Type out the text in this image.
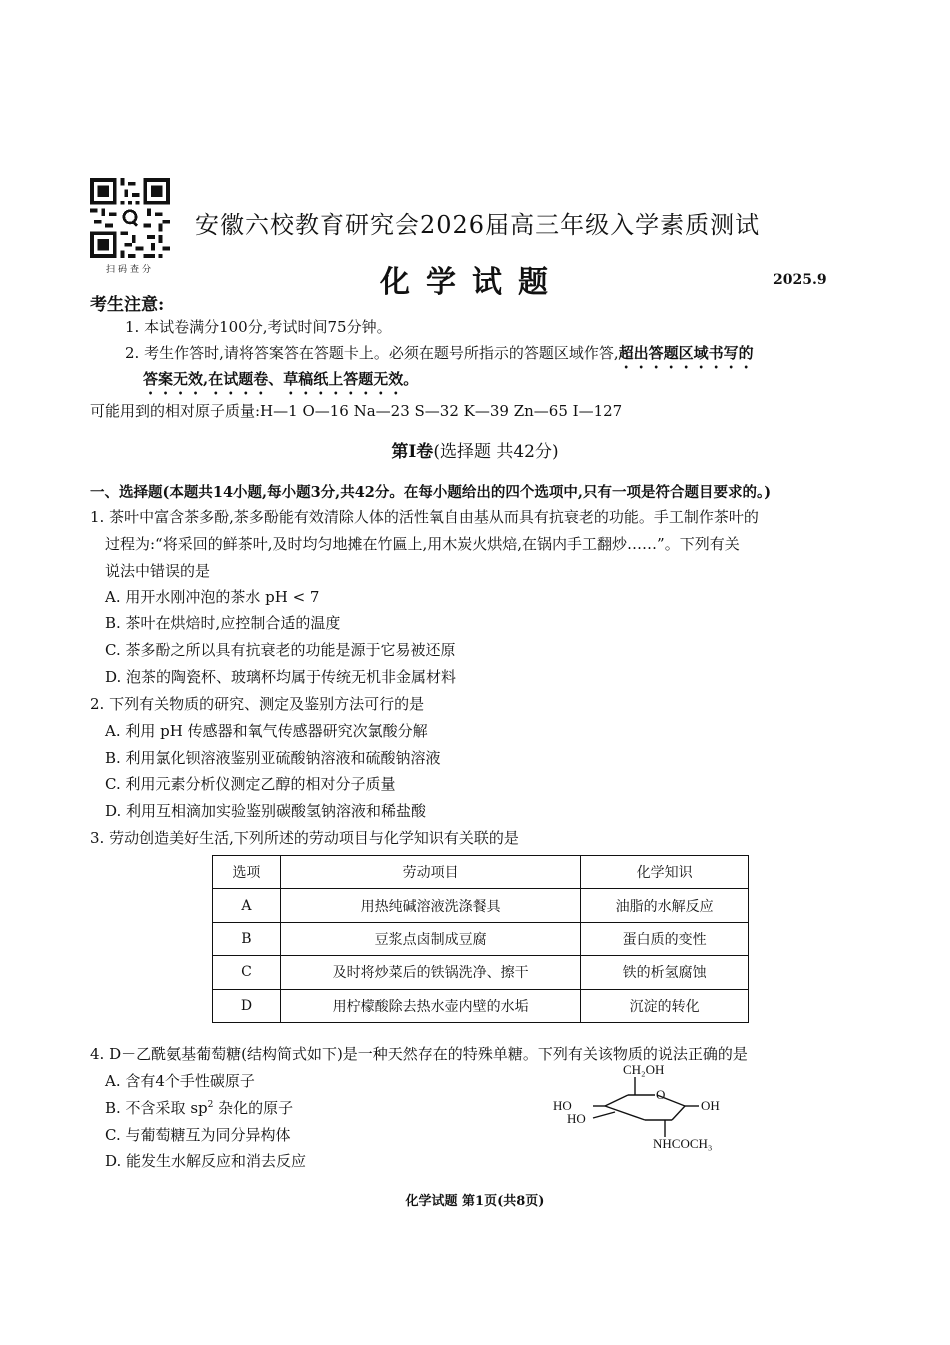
扫码查分
安徽六校教育研究会2026届高三年级入学素质测试
化学试题	2025.9
考生注意:
1. 本试卷满分100分,考试时间75分钟。
2. 考生作答时,请将答案答在答题卡上。必须在题号所指示的答题区域作答,超出答题区域书写的
答案无效,在试题卷、草稿纸上答题无效。
可能用到的相对原子质量:H—1 O—16 Na—23 S—32 K—39 Zn—65 I—127
第Ⅰ卷(选择题 共42分)
一、选择题(本题共14小题,每小题3分,共42分。在每小题给出的四个选项中,只有一项是符合题目要求的。)
1. 茶叶中富含茶多酚,茶多酚能有效清除人体的活性氧自由基从而具有抗衰老的功能。手工制作茶叶的
过程为:“将采回的鲜茶叶,及时均匀地摊在竹匾上,用木炭火烘焙,在锅内手工翻炒……”。下列有关
说法中错误的是
A. 用开水刚冲泡的茶水 pH < 7
B. 茶叶在烘焙时,应控制合适的温度
C. 茶多酚之所以具有抗衰老的功能是源于它易被还原
D. 泡茶的陶瓷杯、玻璃杯均属于传统无机非金属材料
2. 下列有关物质的研究、测定及鉴别方法可行的是
A. 利用 pH 传感器和氧气传感器研究次氯酸分解
B. 利用氯化钡溶液鉴别亚硫酸钠溶液和硫酸钠溶液
C. 利用元素分析仪测定乙醇的相对分子质量
D. 利用互相滴加实验鉴别碳酸氢钠溶液和稀盐酸
3. 劳动创造美好生活,下列所述的劳动项目与化学知识有关联的是
选项	劳动项目	化学知识
A	用热纯碱溶液洗涤餐具	油脂的水解反应
B	豆浆点卤制成豆腐	蛋白质的变性
C	及时将炒菜后的铁锅洗净、擦干	铁的析氢腐蚀
D	用柠檬酸除去热水壶内壁的水垢	沉淀的转化
4. D－乙酰氨基葡萄糖(结构简式如下)是一种天然存在的特殊单糖。下列有关该物质的说法正确的是
A. 含有4个手性碳原子
B. 不含采取 $sp^2$ 杂化的原子
C. 与葡萄糖互为同分异构体
D. 能发生水解反应和消去反应
CH₂OH
O
OH
HO
HO
NHCOCH₃
化学试题 第1页(共8页)
